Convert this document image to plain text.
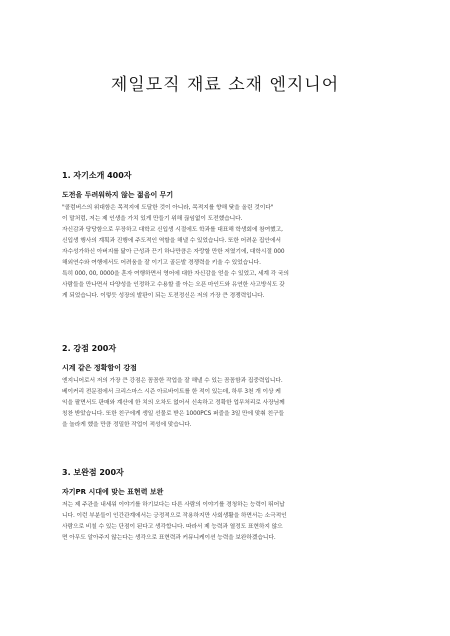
제일모직 재료 소재 엔지니어
1. 자기소개 400자
도전을 두려워하지 않는 젊음이 무기

"콜럼버스의 위대함은 목적지에 도달한 것이 아니라, 목적지를 향해 닻을 올린 것이다"
이 말처럼, 저는 제 인생을 가치 있게 만들기 위해 끊임없이 도전했습니다.
자신감과 당당함으로 무장하고 대학교 신입생 시절에도 학과를 대표해 학생회에 참여했고,
신입생 행사의 계획과 진행에 주도적인 역할을 해낼 수 있었습니다. 또한 어려운 집안에서
자수성가하신 아버지를 닮아 근성과 끈기 하나만큼은 자랑할 만한 저였기에, 대학시절 000
해외연수와 여행에서도 어려움을 잘 이기고 골든발 경쟁력을 키울 수 있었습니다.
특히 000, 00, 0000을 혼자 여행하면서 영어에 대한 자신감을 얻을 수 있었고, 세계 각 국의
사람들을 만나면서 다양성을 인정하고 수용할 줄 아는 오픈 마인드와 유연한 사고방식도 갖
게 되었습니다. 이렇듯 성장의 발판이 되는 도전정신은 저의 가장 큰 경쟁력입니다.

2. 강점 200자
시계 같은 정확함이 강점

엔지니어로서 저의 가장 큰 강점은 꼼꼼한 작업을 잘 해낼 수 있는 꼼꼼함과 집중력입니다.
베이커리 전문점에서 크리스마스 시즌 아르바이트를 한 적이 있는데, 하루 3천 개 이상 케
익을 팔면서도 판매와 계산에 한 치의 오차도 없어서 신속하고 정확한 업무처리로 사장님께
칭찬 받았습니다. 또한 친구에게 생일 선물로 받은 1000PCS 퍼즐을 3일 만에 맞춰 친구들
을 놀라게 했을 만큼 정밀한 작업이 적성에 맞습니다.

3. 보완점 200자
자기PR 시대에 맞는 표현력 보완

저는 제 주관을 내세워 이야기를 하기보다는 다른 사람의 이야기를 경청하는 능력이 뛰어납
니다. 이런 부분들이 인간관계에서는 긍정적으로 작용하지만 사회생활을 하면서는 소극적인
사람으로 비칠 수 있는 단점이 된다고 생각합니다. 따라서 제 능력과 열정도 표현하지 않으
면 아무도 알아주지 않는다는 생각으로 표현력과 커뮤니케이션 능력을 보완하겠습니다.
